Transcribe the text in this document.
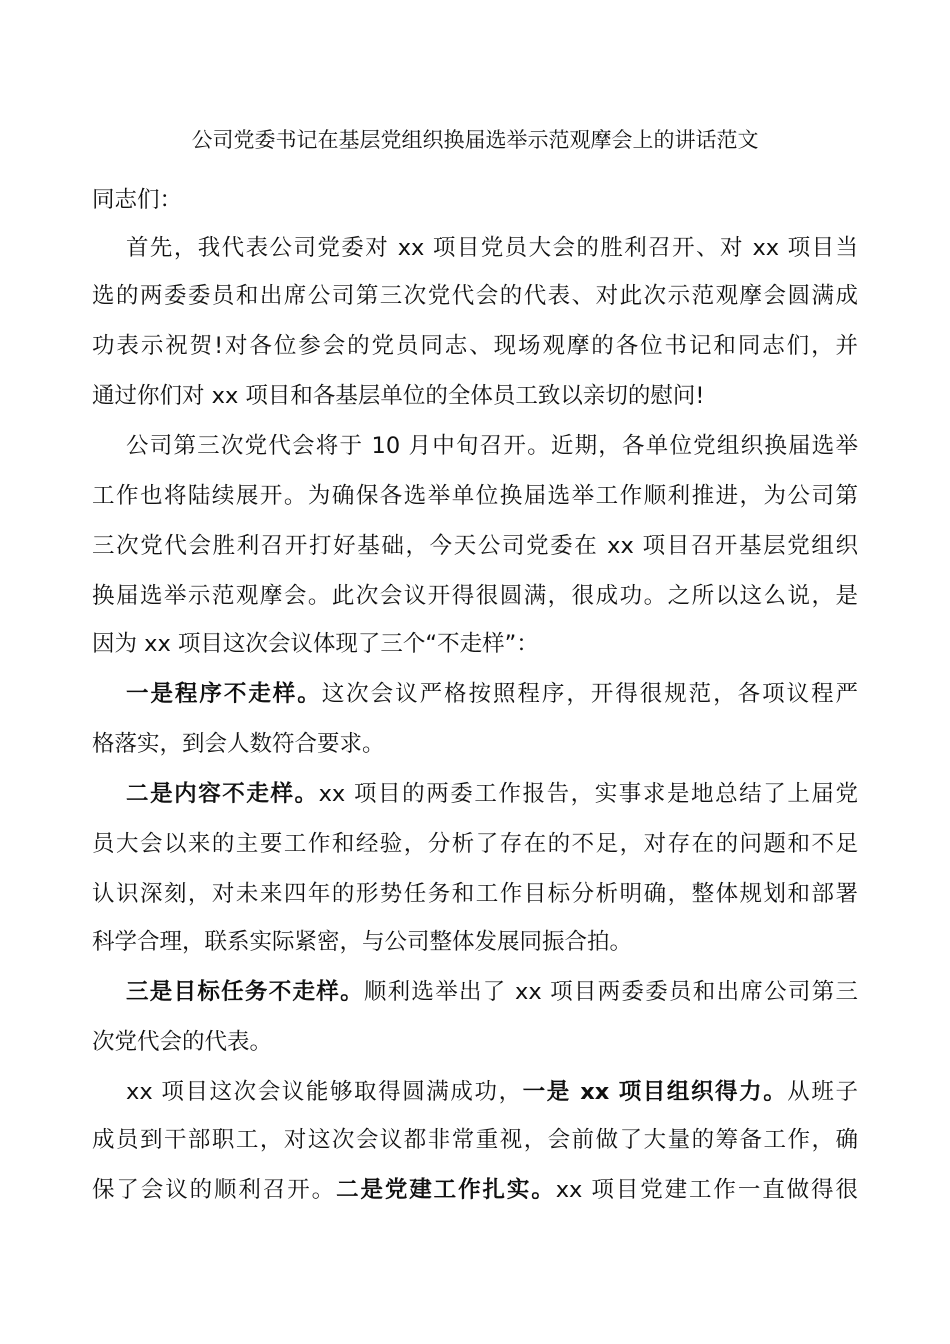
公司党委书记在基层党组织换届选举示范观摩会上的讲话范文
同志们：
首先，我代表公司党委对 xx 项目党员大会的胜利召开、对 xx 项目当
选的两委委员和出席公司第三次党代会的代表、对此次示范观摩会圆满成
功表示祝贺!对各位参会的党员同志、现场观摩的各位书记和同志们，并
通过你们对 xx 项目和各基层单位的全体员工致以亲切的慰问!
公司第三次党代会将于 10 月中旬召开。近期，各单位党组织换届选举
工作也将陆续展开。为确保各选举单位换届选举工作顺利推进，为公司第
三次党代会胜利召开打好基础，今天公司党委在 xx 项目召开基层党组织
换届选举示范观摩会。此次会议开得很圆满，很成功。之所以这么说，是
因为 xx 项目这次会议体现了三个“不走样”：
一是程序不走样。这次会议严格按照程序，开得很规范，各项议程严
格落实，到会人数符合要求。
二是内容不走样。xx 项目的两委工作报告，实事求是地总结了上届党
员大会以来的主要工作和经验，分析了存在的不足，对存在的问题和不足
认识深刻，对未来四年的形势任务和工作目标分析明确，整体规划和部署
科学合理，联系实际紧密，与公司整体发展同振合拍。
三是目标任务不走样。顺利选举出了 xx 项目两委委员和出席公司第三
次党代会的代表。
xx 项目这次会议能够取得圆满成功，一是 xx 项目组织得力。从班子
成员到干部职工，对这次会议都非常重视，会前做了大量的筹备工作，确
保了会议的顺利召开。二是党建工作扎实。xx 项目党建工作一直做得很
